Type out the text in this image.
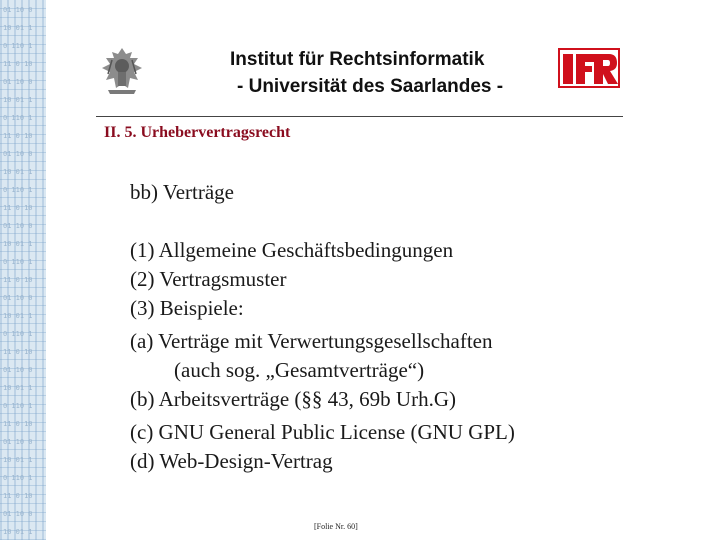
01 10 0
10 01 1
0 110 1
11 0 10
01 10 0
10 01 1
0 110 1
11 0 10
01 10 0
10 01 1
0 110 1
11 0 10
01 10 0
10 01 1
0 110 1
11 0 10
01 10 0
10 01 1
0 110 1
11 0 10
01 10 0
10 01 1
0 110 1
11 0 10
01 10 0
10 01 1
0 110 1
11 0 10
01 10 0
10 01 1
Institut für Rechtsinformatik
- Universität des Saarlandes -
II. 5. Urhebervertragsrecht
bb) Verträge
(1) Allgemeine Geschäftsbedingungen
(2) Vertragsmuster
(3) Beispiele:
(a) Verträge mit Verwertungsgesellschaften
(auch sog. „Gesamtverträge“)
(b) Arbeitsverträge (§§ 43, 69b Urh.G)
(c) GNU General Public License (GNU GPL)
(d) Web-Design-Vertrag
[Folie Nr. 60]
